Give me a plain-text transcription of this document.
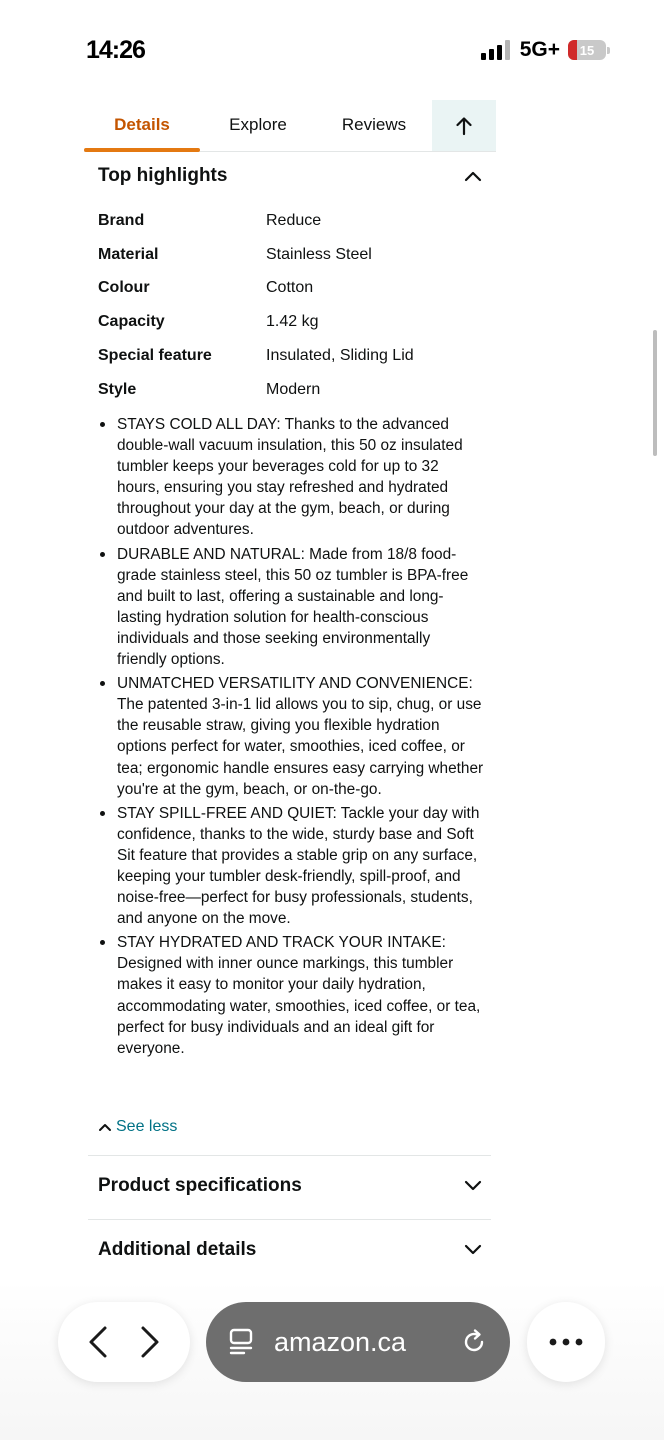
14:26	5G+ 15
Details	Explore	Reviews
Top highlights
Brand	Reduce
Material	Stainless Steel
Colour	Cotton
Capacity	1.42 kg
Special feature	Insulated, Sliding Lid
Style	Modern
STAYS COLD ALL DAY: Thanks to the advanced double-wall vacuum insulation, this 50 oz insulated tumbler keeps your beverages cold for up to 32 hours, ensuring you stay refreshed and hydrated throughout your day at the gym, beach, or during outdoor adventures.
DURABLE AND NATURAL: Made from 18/8 food-grade stainless steel, this 50 oz tumbler is BPA-free and built to last, offering a sustainable and long-lasting hydration solution for health-conscious individuals and those seeking environmentally friendly options.
UNMATCHED VERSATILITY AND CONVENIENCE: The patented 3-in-1 lid allows you to sip, chug, or use the reusable straw, giving you flexible hydration options perfect for water, smoothies, iced coffee, or tea; ergonomic handle ensures easy carrying whether you're at the gym, beach, or on-the-go.
STAY SPILL-FREE AND QUIET: Tackle your day with confidence, thanks to the wide, sturdy base and Soft Sit feature that provides a stable grip on any surface, keeping your tumbler desk-friendly, spill-proof, and noise-free—perfect for busy professionals, students, and anyone on the move.
STAY HYDRATED AND TRACK YOUR INTAKE: Designed with inner ounce markings, this tumbler makes it easy to monitor your daily hydration, accommodating water, smoothies, iced coffee, or tea, perfect for busy individuals and an ideal gift for everyone.
See less
Product specifications
Additional details
amazon.ca
